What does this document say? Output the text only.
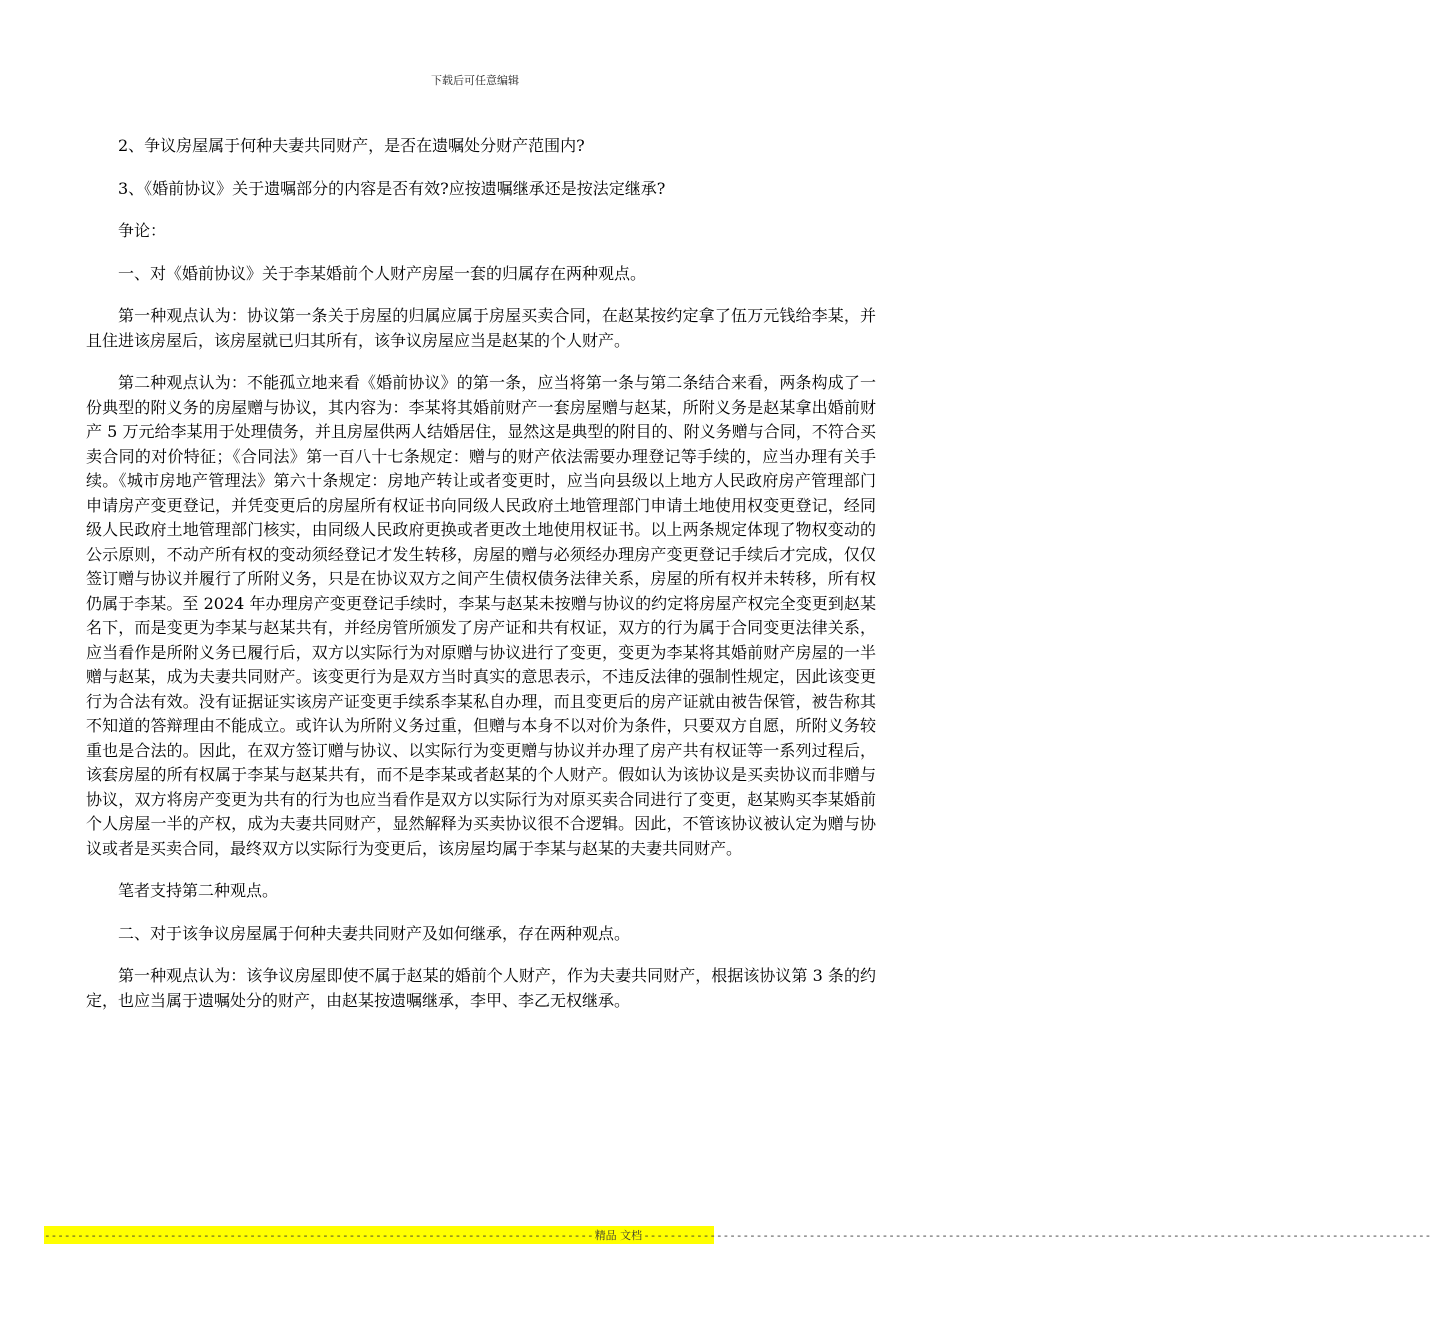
下载后可任意编辑

2、争议房屋属于何种夫妻共同财产，是否在遗嘱处分财产范围内?

3、《婚前协议》关于遗嘱部分的内容是否有效?应按遗嘱继承还是按法定继承?

争论：

一、对《婚前协议》关于李某婚前个人财产房屋一套的归属存在两种观点。

第一种观点认为：协议第一条关于房屋的归属应属于房屋买卖合同，在赵某按约定拿了伍万元钱给李某，并且住进该房屋后，该房屋就已归其所有，该争议房屋应当是赵某的个人财产。

第二种观点认为：不能孤立地来看《婚前协议》的第一条，应当将第一条与第二条结合来看，两条构成了一份典型的附义务的房屋赠与协议，其内容为：李某将其婚前财产一套房屋赠与赵某，所附义务是赵某拿出婚前财产 5 万元给李某用于处理债务，并且房屋供两人结婚居住，显然这是典型的附目的、附义务赠与合同，不符合买卖合同的对价特征；《合同法》第一百八十七条规定：赠与的财产依法需要办理登记等手续的，应当办理有关手续。《城市房地产管理法》第六十条规定：房地产转让或者变更时，应当向县级以上地方人民政府房产管理部门申请房产变更登记，并凭变更后的房屋所有权证书向同级人民政府土地管理部门申请土地使用权变更登记，经同级人民政府土地管理部门核实，由同级人民政府更换或者更改土地使用权证书。以上两条规定体现了物权变动的公示原则，不动产所有权的变动须经登记才发生转移，房屋的赠与必须经办理房产变更登记手续后才完成，仅仅签订赠与协议并履行了所附义务，只是在协议双方之间产生债权债务法律关系，房屋的所有权并未转移，所有权仍属于李某。至 2024 年办理房产变更登记手续时，李某与赵某未按赠与协议的约定将房屋产权完全变更到赵某名下，而是变更为李某与赵某共有，并经房管所颁发了房产证和共有权证，双方的行为属于合同变更法律关系，应当看作是所附义务已履行后，双方以实际行为对原赠与协议进行了变更，变更为李某将其婚前财产房屋的一半赠与赵某，成为夫妻共同财产。该变更行为是双方当时真实的意思表示，不违反法律的强制性规定，因此该变更行为合法有效。没有证据证实该房产证变更手续系李某私自办理，而且变更后的房产证就由被告保管，被告称其不知道的答辩理由不能成立。或许认为所附义务过重，但赠与本身不以对价为条件，只要双方自愿，所附义务较重也是合法的。因此，在双方签订赠与协议、以实际行为变更赠与协议并办理了房产共有权证等一系列过程后，该套房屋的所有权属于李某与赵某共有，而不是李某或者赵某的个人财产。假如认为该协议是买卖协议而非赠与协议，双方将房产变更为共有的行为也应当看作是双方以实际行为对原买卖合同进行了变更，赵某购买李某婚前个人房屋一半的产权，成为夫妻共同财产，显然解释为买卖协议很不合逻辑。因此，不管该协议被认定为赠与协议或者是买卖合同，最终双方以实际行为变更后，该房屋均属于李某与赵某的夫妻共同财产。

笔者支持第二种观点。

二、对于该争议房屋属于何种夫妻共同财产及如何继承，存在两种观点。

第一种观点认为：该争议房屋即使不属于赵某的婚前个人财产，作为夫妻共同财产，根据该协议第 3 条的约定，也应当属于遗嘱处分的财产，由赵某按遗嘱继承，李甲、李乙无权继承。

----------------------------------------------------------------------------------- 精品 文档 -----------------------------------------------------------------------------------------------------------------------
